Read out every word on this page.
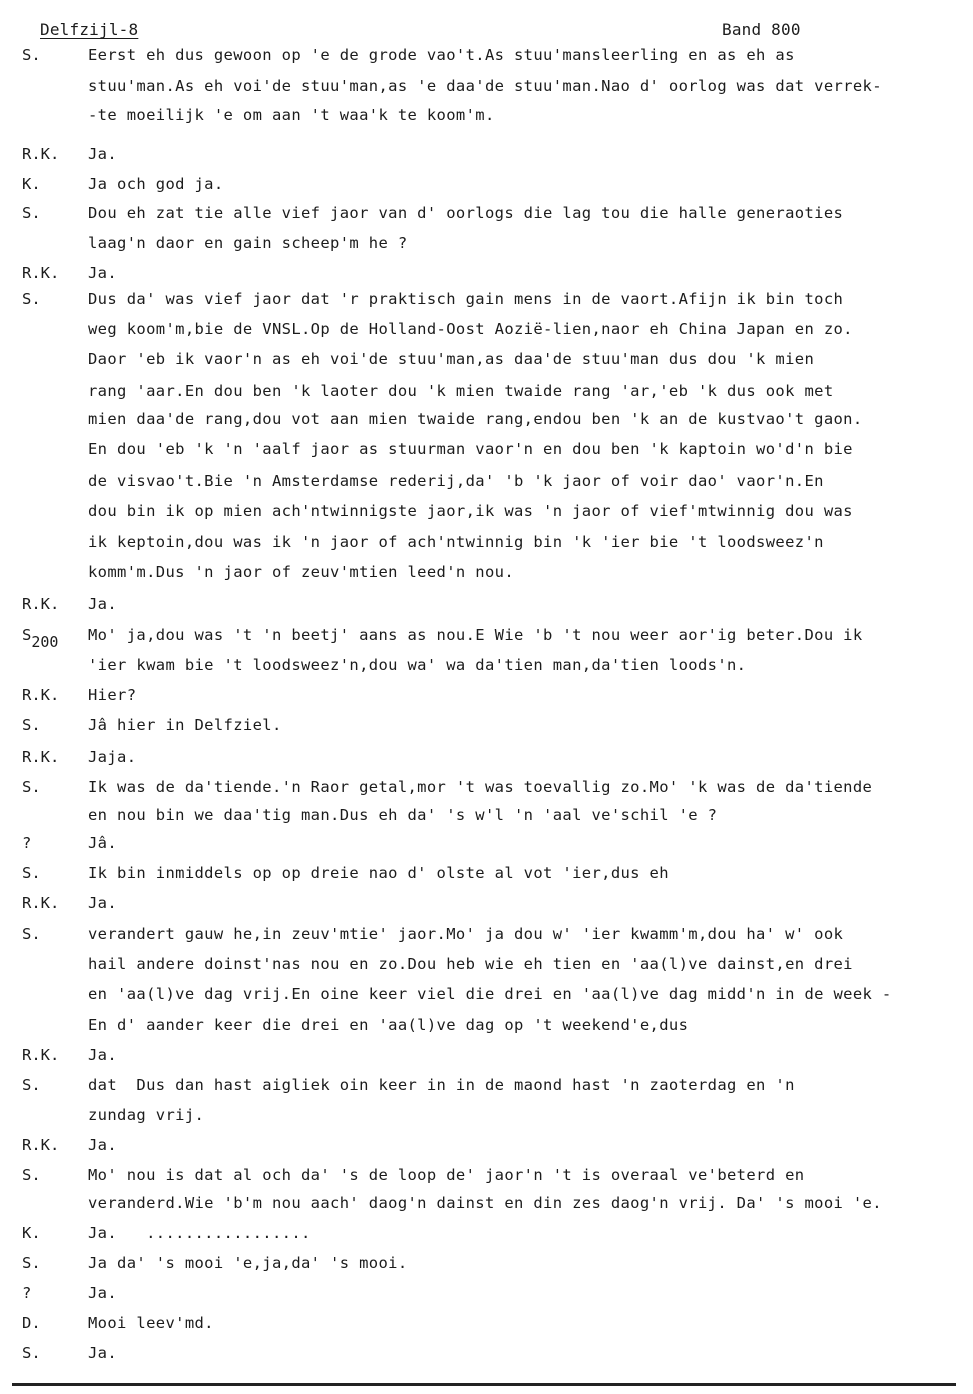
Delfzijl-8	Band 800
S.	Eerst eh dus gewoon op 'e de grode vao't.As stuu'mansleerling en as eh as
stuu'man.As eh voi'de stuu'man,as 'e daa'de stuu'man.Nao d' oorlog was dat verrek-
-te moeilijk 'e om aan 't waa'k te koom'm.
R.K. Ja.
K.	Ja och god ja.
S.	Dou eh zat tie alle vief jaor van d' oorlogs die lag tou die halle generaoties
laag'n daor en gain scheep'm he ?
R.K. Ja.
S.	Dus da' was vief jaor dat 'r praktisch gain mens in de vaort.Afijn ik bin toch
weg koom'm,bie de VNSL.Op de Holland-Oost Aozië-lien,naor eh China Japan en zo.
Daor 'eb ik vaor'n as eh voi'de stuu'man,as daa'de stuu'man dus dou 'k mien
rang 'aar.En dou ben 'k laoter dou 'k mien twaide rang 'ar,'eb 'k dus ook met
mien daa'de rang,dou vot aan mien twaide rang,endou ben 'k an de kustvao't gaon.
En dou 'eb 'k 'n 'aalf jaor as stuurman vaor'n en dou ben 'k kaptoin wo'd'n bie
de visvao't.Bie 'n Amsterdamse rederij,da' 'b 'k jaor of voir dao' vaor'n.En
dou bin ik op mien ach'ntwinnigste jaor,ik was 'n jaor of vief'mtwinnig dou was
ik keptoin,dou was ik 'n jaor of ach'ntwinnig bin 'k 'ier bie 't loodsweez'n
komm'm.Dus 'n jaor of zeuv'mtien leed'n nou.
R.K. Ja.
$S_{200}$ Mo' ja,dou was 't 'n beetj' aans as nou.E Wie 'b 't nou weer aor'ig beter.Dou ik
'ier kwam bie 't loodsweez'n,dou wa' wa da'tien man,da'tien loods'n.
R.K. Hier?
S.	Jâ hier in Delfziel.
R.K. Jaja.
S.	Ik was de da'tiende.'n Raor getal,mor 't was toevallig zo.Mo' 'k was de da'tiende
en nou bin we daa'tig man.Dus eh da' 's w'l 'n 'aal ve'schil 'e ?
?	Jâ.
S.	Ik bin inmiddels op op dreie nao d' olste al vot 'ier,dus eh
R.K. Ja.
S.	verandert gauw he,in zeuv'mtie' jaor.Mo' ja dou w' 'ier kwamm'm,dou ha' w' ook
hail andere doinst'nas nou en zo.Dou heb wie eh tien en 'aa(l)ve dainst,en drei
en 'aa(l)ve dag vrij.En oine keer viel die drei en 'aa(l)ve dag midd'n in de week -
En d' aander keer die drei en 'aa(l)ve dag op 't weekend'e,dus
R.K. Ja.
S.	dat  Dus dan hast aigliek oin keer in in de maond hast 'n zaoterdag en 'n
zundag vrij.
R.K. Ja.
S.	Mo' nou is dat al och da' 's de loop de' jaor'n 't is overaal ve'beterd en
veranderd.Wie 'b'm nou aach' daog'n dainst en din zes daog'n vrij. Da' 's mooi 'e.
K.	Ja.   .................
S.	Ja da' 's mooi 'e,ja,da' 's mooi.
?	Ja.
D.	Mooi leev'md.
S.	Ja.
